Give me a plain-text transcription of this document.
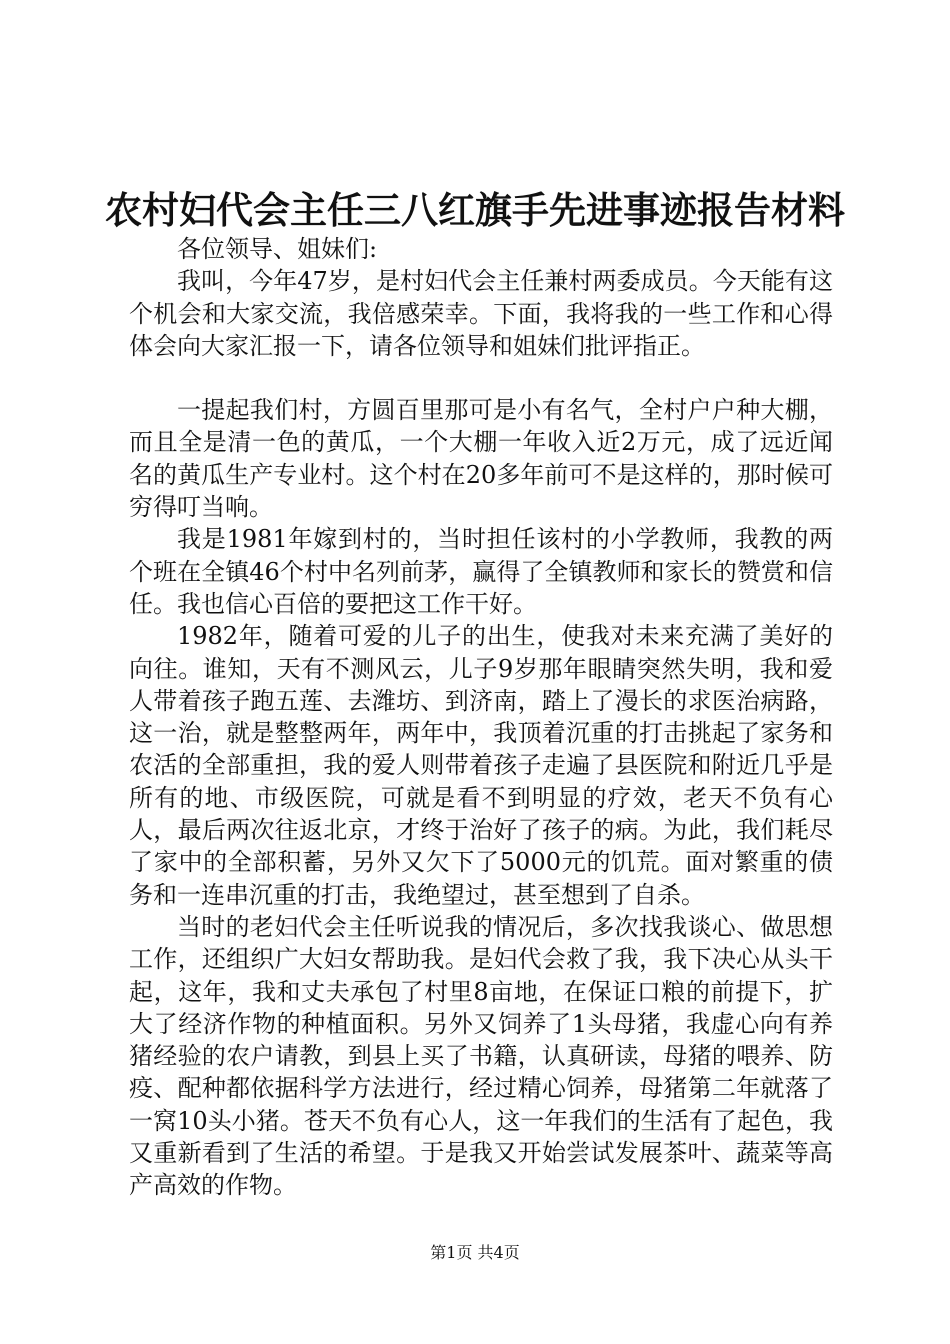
农村妇代会主任三八红旗手先进事迹报告材料

各位领导、姐妹们:

我叫，今年47岁，是村妇代会主任兼村两委成员。今天能有这个机会和大家交流，我倍感荣幸。下面，我将我的一些工作和心得体会向大家汇报一下，请各位领导和姐妹们批评指正。

一提起我们村，方圆百里那可是小有名气，全村户户种大棚，而且全是清一色的黄瓜，一个大棚一年收入近2万元，成了远近闻名的黄瓜生产专业村。这个村在20多年前可不是这样的，那时候可穷得叮当响。

我是1981年嫁到村的，当时担任该村的小学教师，我教的两个班在全镇46个村中名列前茅，赢得了全镇教师和家长的赞赏和信任。我也信心百倍的要把这工作干好。

1982年，随着可爱的儿子的出生，使我对未来充满了美好的向往。谁知，天有不测风云，儿子9岁那年眼睛突然失明，我和爱人带着孩子跑五莲、去潍坊、到济南，踏上了漫长的求医治病路，这一治，就是整整两年，两年中，我顶着沉重的打击挑起了家务和农活的全部重担，我的爱人则带着孩子走遍了县医院和附近几乎是所有的地、市级医院，可就是看不到明显的疗效，老天不负有心人，最后两次往返北京，才终于治好了孩子的病。为此，我们耗尽了家中的全部积蓄，另外又欠下了5000元的饥荒。面对繁重的债务和一连串沉重的打击，我绝望过，甚至想到了自杀。

当时的老妇代会主任听说我的情况后，多次找我谈心、做思想工作，还组织广大妇女帮助我。是妇代会救了我，我下决心从头干起，这年，我和丈夫承包了村里8亩地，在保证口粮的前提下，扩大了经济作物的种植面积。另外又饲养了1头母猪，我虚心向有养猪经验的农户请教，到县上买了书籍，认真研读，母猪的喂养、防疫、配种都依据科学方法进行，经过精心饲养，母猪第二年就落了一窝10头小猪。苍天不负有心人，这一年我们的生活有了起色，我又重新看到了生活的希望。于是我又开始尝试发展茶叶、蔬菜等高产高效的作物。

第1页 共4页
